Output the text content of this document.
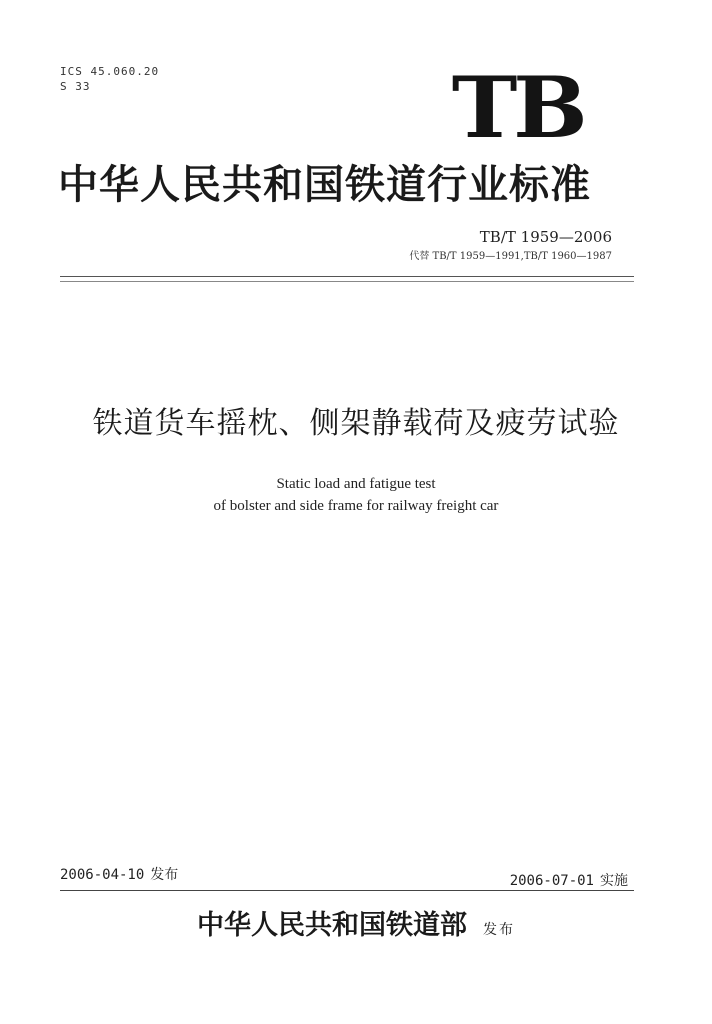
ICS 45.060.20
S 33	TB
中华人民共和国铁道行业标准
TB/T 1959—2006
代替 TB/T 1959—1991,TB/T 1960—1987
铁道货车摇枕、侧架静载荷及疲劳试验
Static load and fatigue test
of bolster and side frame for railway freight car
2006-04-10 发布	2006-07-01 实施
中华人民共和国铁道部 发布
